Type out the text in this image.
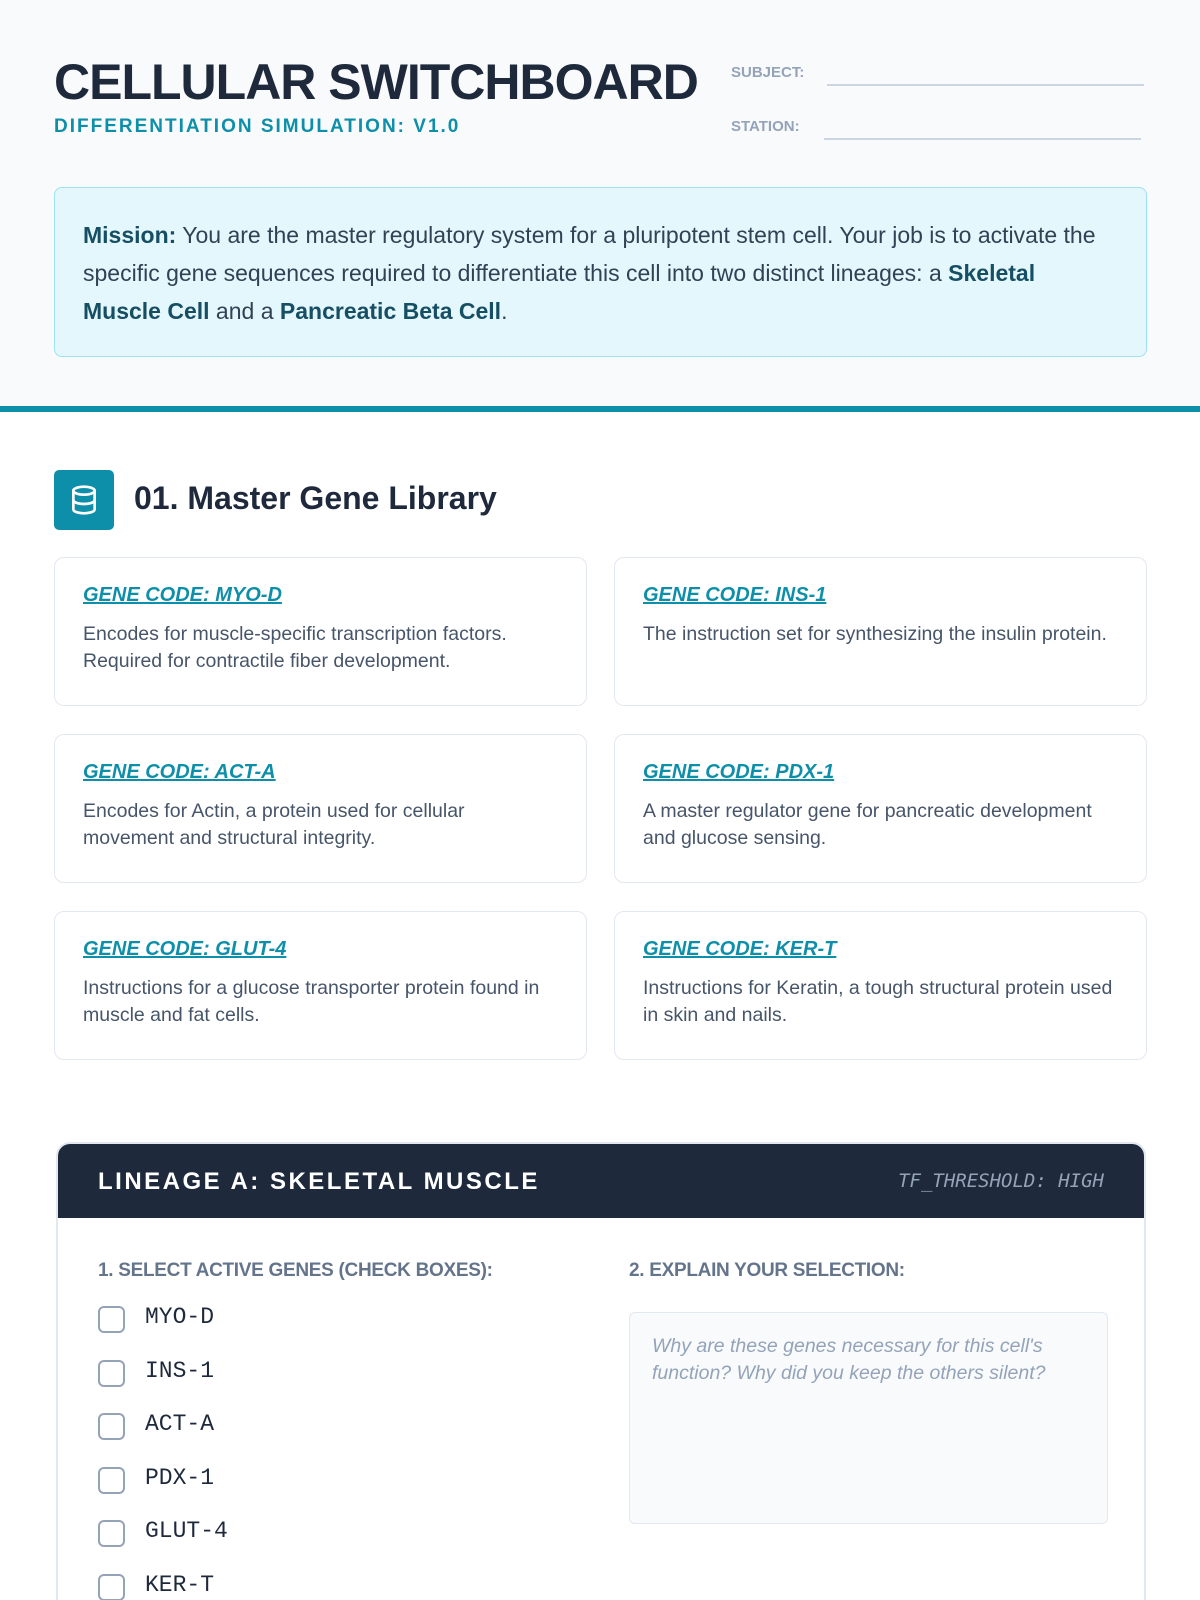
CELLULAR SWITCHBOARD
DIFFERENTIATION SIMULATION: V1.0
SUBJECT:
STATION:
Mission: You are the master regulatory system for a pluripotent stem cell. Your job is to activate the specific gene sequences required to differentiate this cell into two distinct lineages: a Skeletal Muscle Cell and a Pancreatic Beta Cell.
01. Master Gene Library
GENE CODE: MYO-D
Encodes for muscle-specific transcription factors. Required for contractile fiber development.
GENE CODE: INS-1
The instruction set for synthesizing the insulin protein.
GENE CODE: ACT-A
Encodes for Actin, a protein used for cellular movement and structural integrity.
GENE CODE: PDX-1
A master regulator gene for pancreatic development and glucose sensing.
GENE CODE: GLUT-4
Instructions for a glucose transporter protein found in muscle and fat cells.
GENE CODE: KER-T
Instructions for Keratin, a tough structural protein used in skin and nails.
LINEAGE A: SKELETAL MUSCLE	TF_THRESHOLD: HIGH
1. SELECT ACTIVE GENES (CHECK BOXES):	2. EXPLAIN YOUR SELECTION:
MYO-D
INS-1
ACT-A
PDX-1
GLUT-4
KER-T
Why are these genes necessary for this cell's function? Why did you keep the others silent?
